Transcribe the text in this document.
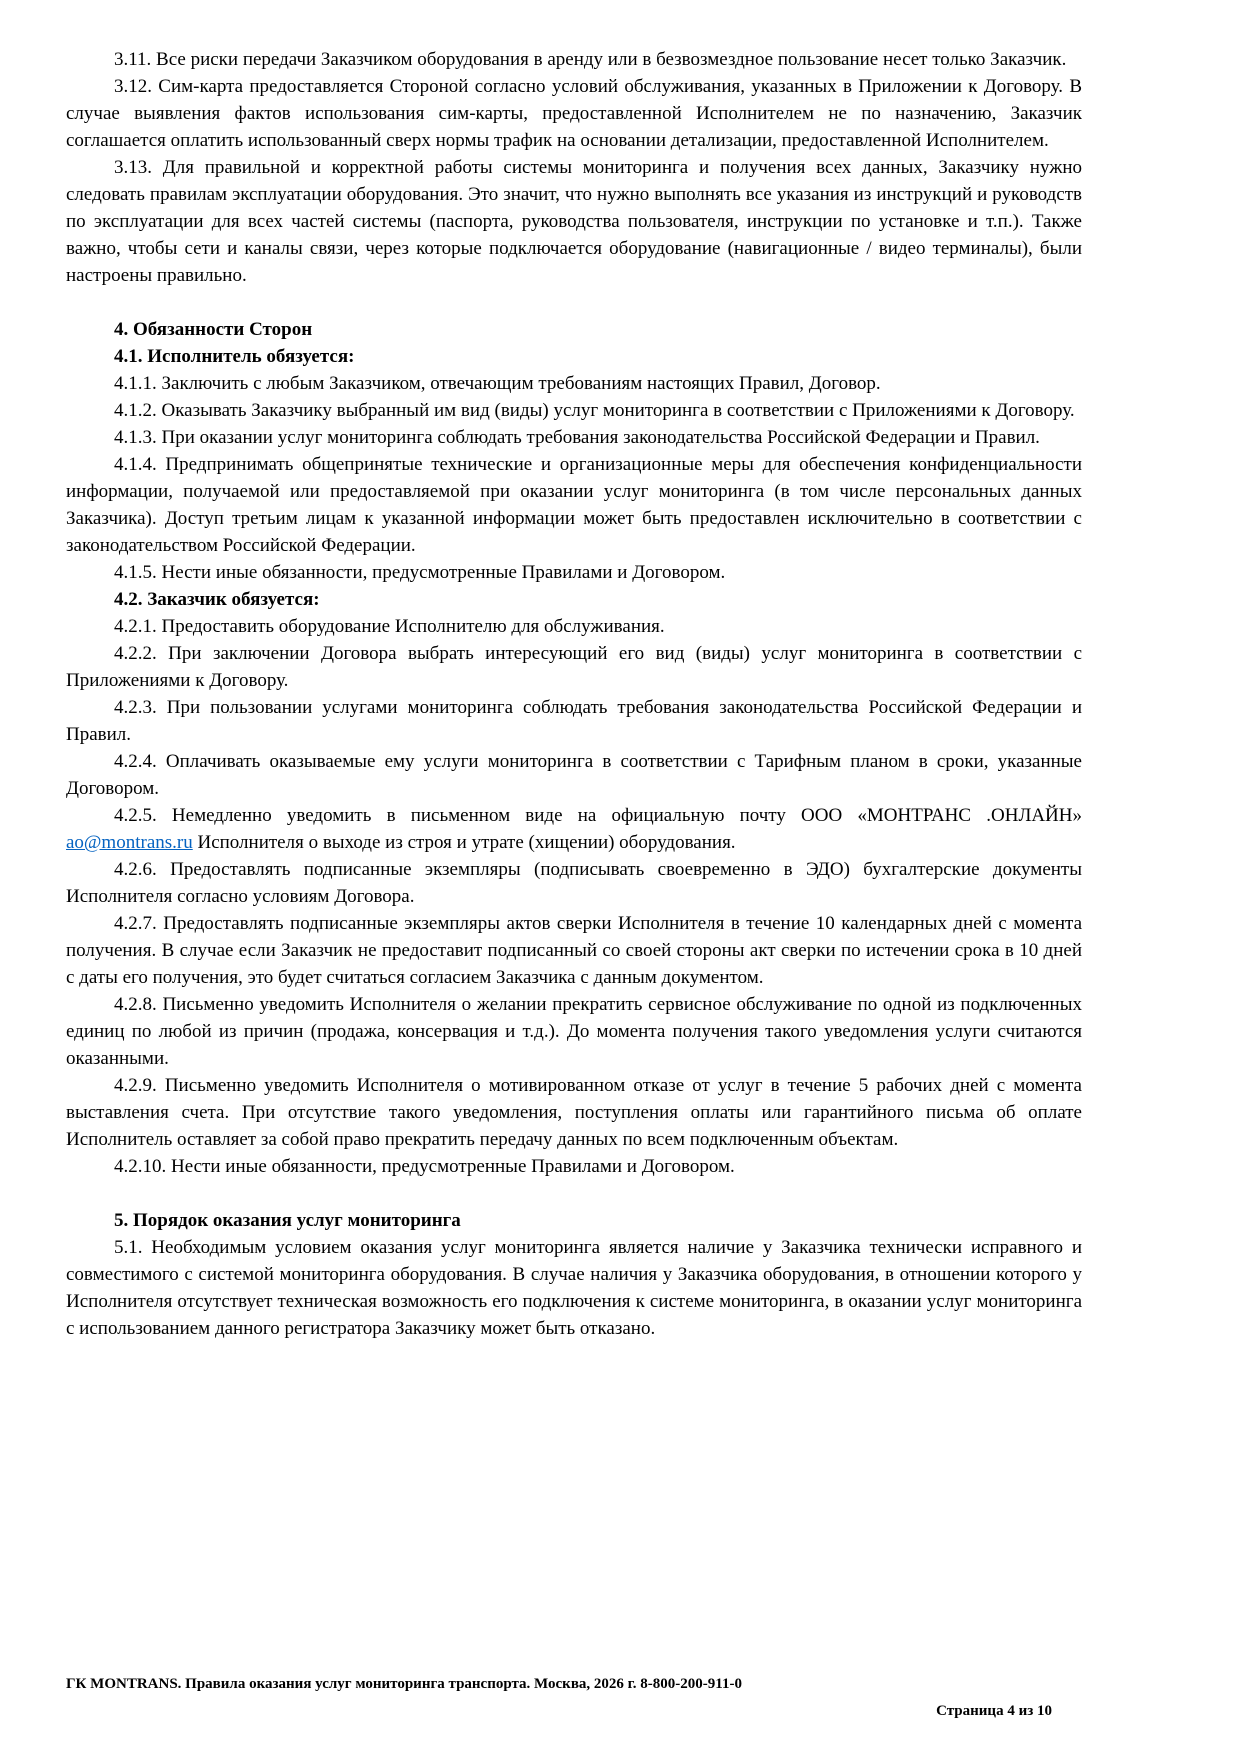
3.11. Все риски передачи Заказчиком оборудования в аренду или в безвозмездное пользование несет только Заказчик.

3.12. Сим-карта предоставляется Стороной согласно условий обслуживания, указанных в Приложении к Договору. В случае выявления фактов использования сим-карты, предоставленной Исполнителем не по назначению, Заказчик соглашается оплатить использованный сверх нормы трафик на основании детализации, предоставленной Исполнителем.

3.13. Для правильной и корректной работы системы мониторинга и получения всех данных, Заказчику нужно следовать правилам эксплуатации оборудования. Это значит, что нужно выполнять все указания из инструкций и руководств по эксплуатации для всех частей системы (паспорта, руководства пользователя, инструкции по установке и т.п.). Также важно, чтобы сети и каналы связи, через которые подключается оборудование (навигационные / видео терминалы), были настроены правильно.

4. Обязанности Сторон

4.1. Исполнитель обязуется:

4.1.1. Заключить с любым Заказчиком, отвечающим требованиям настоящих Правил, Договор.

4.1.2. Оказывать Заказчику выбранный им вид (виды) услуг мониторинга в соответствии с Приложениями к Договору.

4.1.3. При оказании услуг мониторинга соблюдать требования законодательства Российской Федерации и Правил.

4.1.4. Предпринимать общепринятые технические и организационные меры для обеспечения конфиденциальности информации, получаемой или предоставляемой при оказании услуг мониторинга (в том числе персональных данных Заказчика). Доступ третьим лицам к указанной информации может быть предоставлен исключительно в соответствии с законодательством Российской Федерации.

4.1.5. Нести иные обязанности, предусмотренные Правилами и Договором.

4.2. Заказчик обязуется:

4.2.1. Предоставить оборудование Исполнителю для обслуживания.

4.2.2. При заключении Договора выбрать интересующий его вид (виды) услуг мониторинга в соответствии с Приложениями к Договору.

4.2.3. При пользовании услугами мониторинга соблюдать требования законодательства Российской Федерации и Правил.

4.2.4. Оплачивать оказываемые ему услуги мониторинга в соответствии с Тарифным планом в сроки, указанные Договором.

4.2.5. Немедленно уведомить в письменном виде на официальную почту ООО «МОНТРАНС .ОНЛАЙН» ao@montrans.ru Исполнителя о выходе из строя и утрате (хищении) оборудования.

4.2.6. Предоставлять подписанные экземпляры (подписывать своевременно в ЭДО) бухгалтерские документы Исполнителя согласно условиям Договора.

4.2.7. Предоставлять подписанные экземпляры актов сверки Исполнителя в течение 10 календарных дней с момента получения. В случае если Заказчик не предоставит подписанный со своей стороны акт сверки по истечении срока в 10 дней с даты его получения, это будет считаться согласием Заказчика с данным документом.

4.2.8. Письменно уведомить Исполнителя о желании прекратить сервисное обслуживание по одной из подключенных единиц по любой из причин (продажа, консервация и т.д.). До момента получения такого уведомления услуги считаются оказанными.

4.2.9. Письменно уведомить Исполнителя о мотивированном отказе от услуг в течение 5 рабочих дней с момента выставления счета. При отсутствие такого уведомления, поступления оплаты или гарантийного письма об оплате Исполнитель оставляет за собой право прекратить передачу данных по всем подключенным объектам.

4.2.10. Нести иные обязанности, предусмотренные Правилами и Договором.

5. Порядок оказания услуг мониторинга

5.1. Необходимым условием оказания услуг мониторинга является наличие у Заказчика технически исправного и совместимого с системой мониторинга оборудования. В случае наличия у Заказчика оборудования, в отношении которого у Исполнителя отсутствует техническая возможность его подключения к системе мониторинга, в оказании услуг мониторинга с использованием данного регистратора Заказчику может быть отказано.

ГК MONTRANS. Правила оказания услуг мониторинга транспорта. Москва, 2026 г. 8-800-200-911-0
Страница 4 из 10
